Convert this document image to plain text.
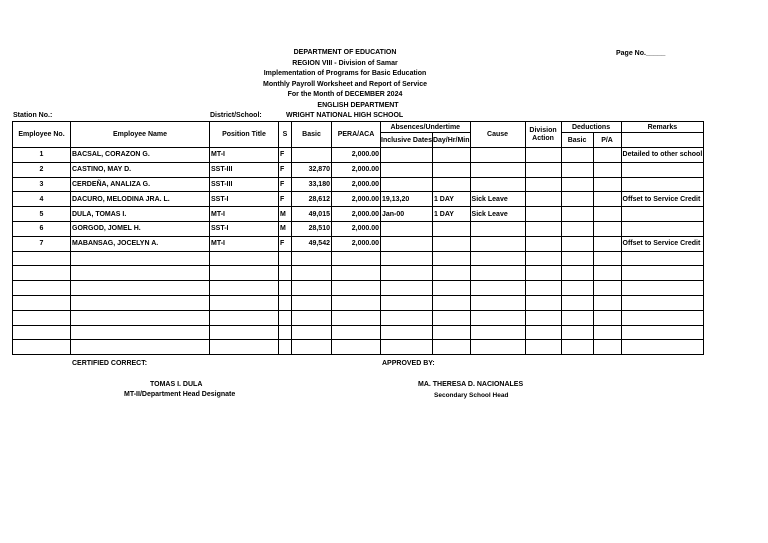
DEPARTMENT OF EDUCATION
REGION VIII - Division of Samar
Implementation of Programs for Basic Education
Monthly Payroll Worksheet and Report of Service
For the Month of DECEMBER 2024
ENGLISH DEPARTMENT
Page No._____
Station No.:	District/School:	WRIGHT NATIONAL HIGH SCHOOL
Employee No.	Employee Name	Position Title	S	Basic	PERA/ACA	Absences/Undertime		Cause	Division Action	Deductions		Remarks
						Inclusive Dates	Day/Hr/Min			Basic	P/A	
1	BACSAL, CORAZON G.	MT-I	F		2,000.00							Detailed to other school
2	CASTINO, MAY D.	SST-III	F	32,870	2,000.00							
3	CERDEÑA, ANALIZA G.	SST-III	F	33,180	2,000.00							
4	DACURO, MELODINA JRA. L.	SST-I	F	28,612	2,000.00	19,13,20	1 DAY	Sick Leave				Offset to Service Credit
5	DULA, TOMAS I.	MT-I	M	49,015	2,000.00	Jan-00	1 DAY	Sick Leave				
6	GORGOD, JOMEL H.	SST-I	M	28,510	2,000.00							
7	MABANSAG, JOCELYN A.	MT-I	F	49,542	2,000.00							Offset to Service Credit

CERTIFIED CORRECT:	APPROVED BY:
TOMAS I. DULA
MT-II/Department Head Designate
MA. THERESA D. NACIONALES
Secondary School Head
